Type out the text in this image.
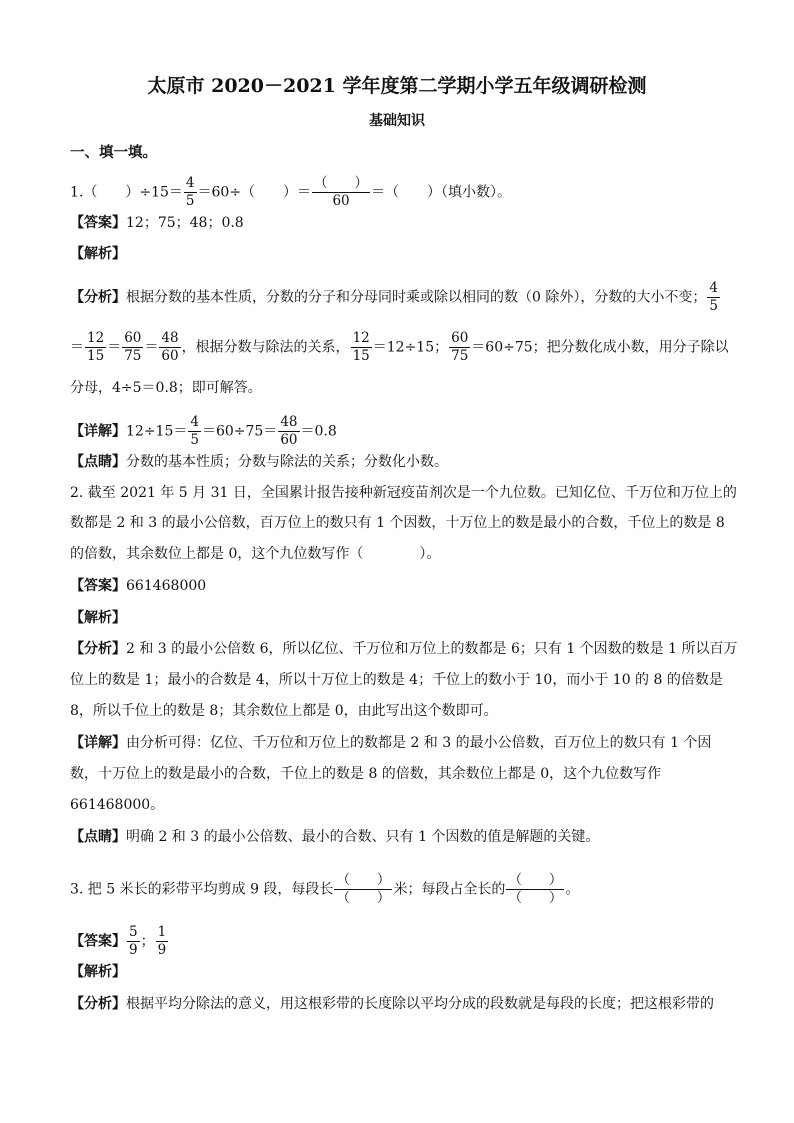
太原市 2020－2021 学年度第二学期小学五年级调研检测
基础知识
一、填一填。
1.（　　）$\div 15= \frac{4}{5} =60\div$（　　）＝ $\frac{( )}{60}$ ＝（　　）（填小数）。
【答案】12；75；48；0.8
【解析】
【分析】根据分数的基本性质，分数的分子和分母同时乘或除以相同的数（0 除外），分数的大小不变； $\frac{4}{5}$
＝ $\frac{12}{15} = \frac{60}{75} = \frac{48}{60}$ ，根据分数与除法的关系， $\frac{12}{15} =12\div 15$； $\frac{60}{75} =60\div 75$；把分数化成小数，用分子除以
分母，4÷5＝0.8；即可解答。
【详解】$12\div 15= \frac{4}{5} =60\div 75= \frac{48}{60} =0.8$
【点睛】分数的基本性质；分数与除法的关系；分数化小数。
2. 截至 2021 年 5 月 31 日，全国累计报告接种新冠疫苗剂次是一个九位数。已知亿位、千万位和万位上的
数都是 2 和 3 的最小公倍数，百万位上的数只有 1 个因数，十万位上的数是最小的合数，千位上的数是 8
的倍数，其余数位上都是 0，这个九位数写作（　　　　）。
【答案】661468000
【解析】
【分析】2 和 3 的最小公倍数 6，所以亿位、千万位和万位上的数都是 6；只有 1 个因数的数是 1 所以百万
位上的数是 1；最小的合数是 4，所以十万位上的数是 4；千位上的数小于 10，而小于 10 的 8 的倍数是
8，所以千位上的数是 8；其余数位上都是 0，由此写出这个数即可。
【详解】由分析可得：亿位、千万位和万位上的数都是 2 和 3 的最小公倍数，百万位上的数只有 1 个因
数，十万位上的数是最小的合数，千位上的数是 8 的倍数，其余数位上都是 0，这个九位数写作
661468000。
【点睛】明确 2 和 3 的最小公倍数、最小的合数、只有 1 个因数的值是解题的关键。
3. 把 5 米长的彩带平均剪成 9 段，每段长 $\frac{( )}{( )}$ 米；每段占全长的 $\frac{( )}{( )}$ 。
【答案】 $\frac{5}{9}$ ； $\frac{1}{9}$
【解析】
【分析】根据平均分除法的意义，用这根彩带的长度除以平均分成的段数就是每段的长度；把这根彩带的
